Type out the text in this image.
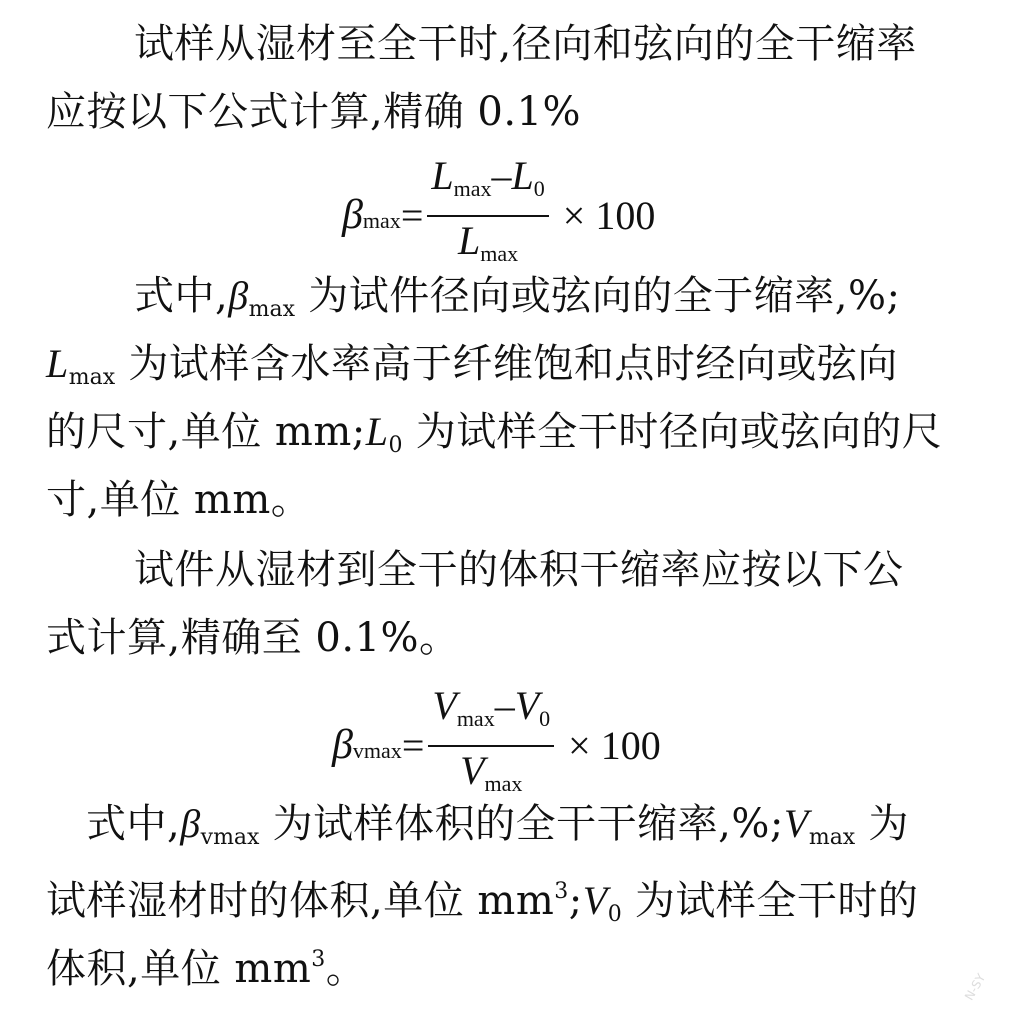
试样从湿材至全干时,径向和弦向的全干缩率
应按以下公式计算,精确 0.1%
β $\max = \frac{L_{max}-L_0}{L_{max}} \times 100$
式中$,\beta_{max}$ 为试件径向或弦向的全于缩率,%;
$L_{max}$ 为试样含水率高于纤维饱和点时经向或弦向
的尺寸,单位 $mm;L_0$ 为试样全干时径向或弦向的尺
寸,单位 mm。
试件从湿材到全干的体积干缩率应按以下公
式计算,精确至 0.1%。
β $vmax = \frac{V_{max}-V_0}{V_{max}} \times 100$
式中$,\beta_{vmax}$ 为试样体积的全干干缩率$,\%;V_{max}$ 为
试样湿材时的体积,单位 $mm^3;V_0$ 为试样全干时的
体积,单位 $mm^3$。	N-SY
